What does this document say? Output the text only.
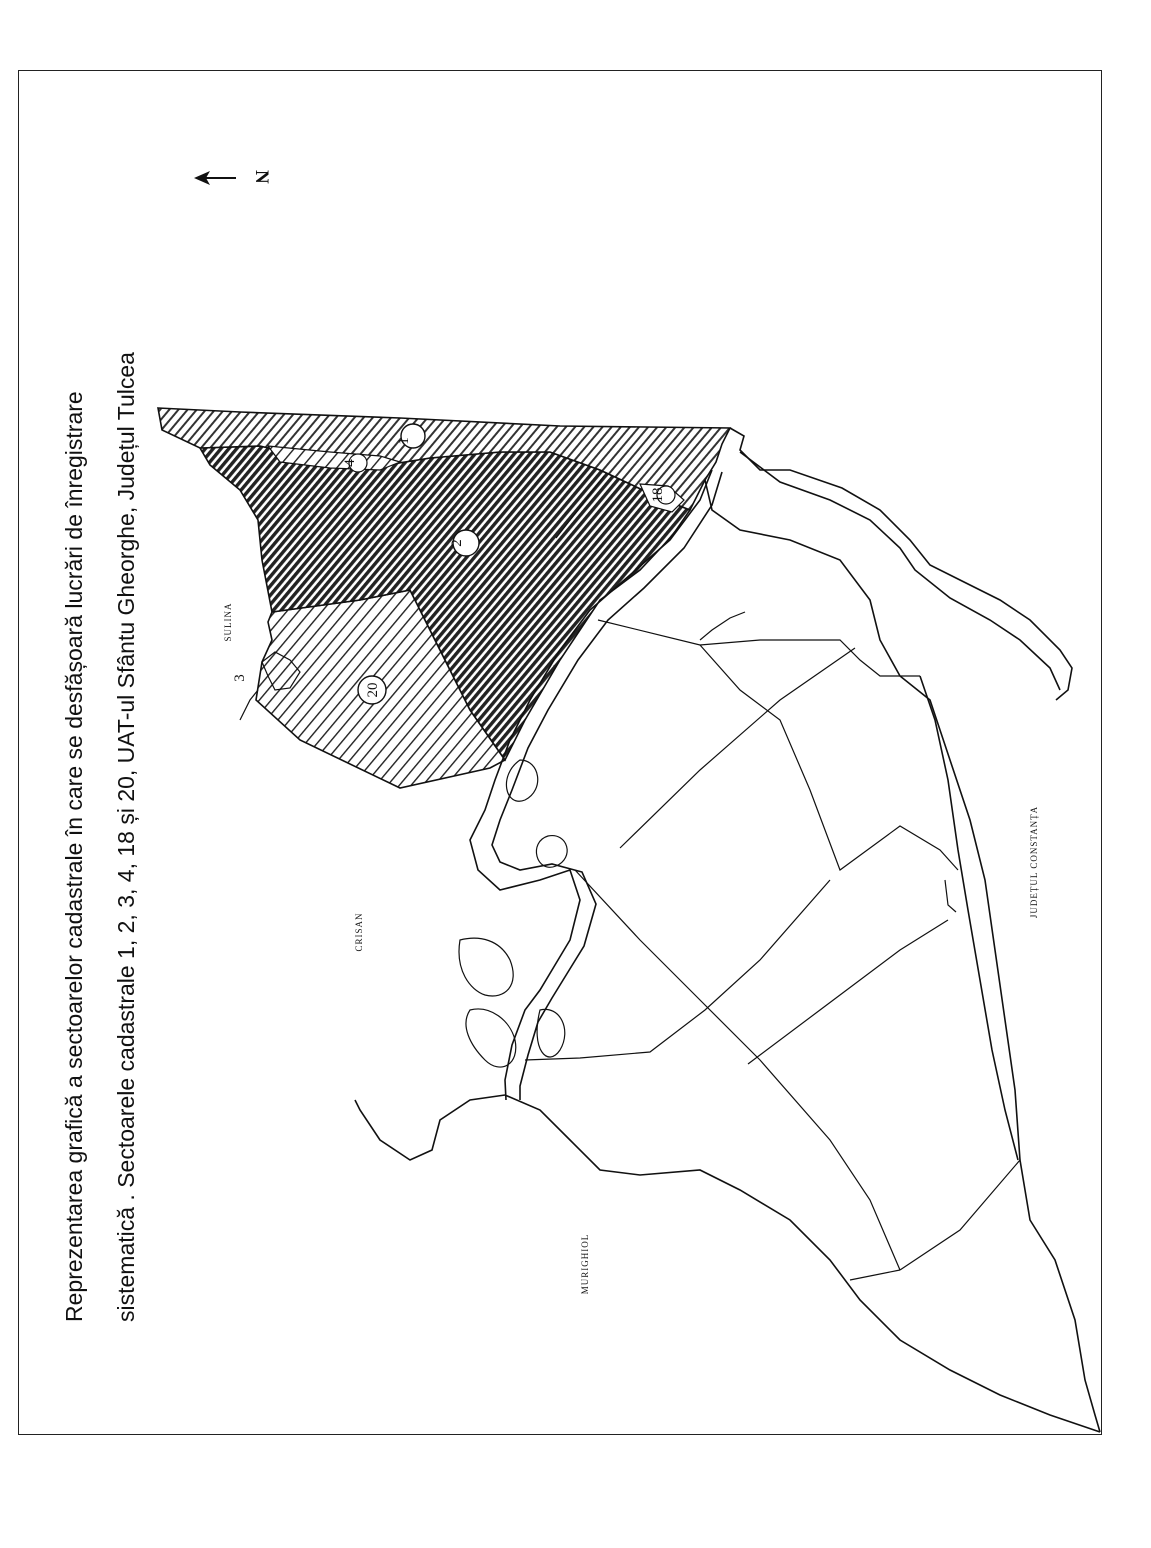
Reprezentarea grafică a sectoarelor cadastrale în care se desfășoară lucrări de înregistrare sistematică . Sectoarele cadastrale 1, 2, 3, 4, 18 și 20, UAT-ul Sfântu Gheorghe, Județul Tulcea
N
1
2
4
18
20
3
SULINA
CRISAN
MURIGHIOL
JUDEȚUL CONSTANȚA
